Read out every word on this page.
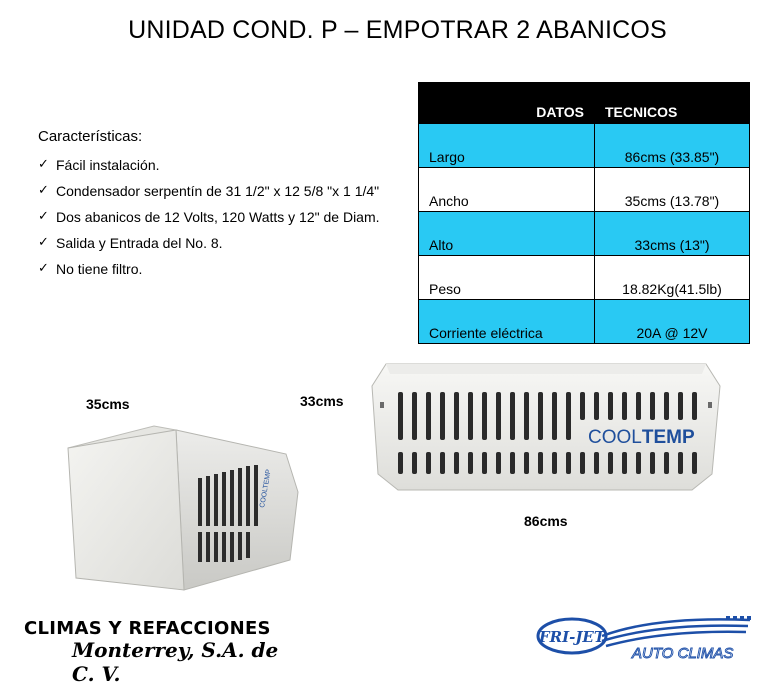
UNIDAD COND. P – EMPOTRAR 2 ABANICOS
Características:
✓ Fácil instalación.
✓ Condensador serpentín de 31 1/2" x 12 5/8 "x 1 1/4"
✓ Dos abanicos de 12 Volts, 120 Watts y 12" de Diam.
✓ Salida y Entrada del No. 8.
✓ No tiene filtro.
DATOS	TECNICOS
Largo	86cms (33.85")
Ancho	35cms (13.78")
Alto	33cms (13")
Peso	18.82Kg(41.5lb)
Corriente eléctrica	20A @ 12V
35cms	33cms
86cms
COOLTEMP
COOLTEMP
CLIMAS Y REFACCIONES
Monterrey, S.A. de C. V.
FRI-JET
AUTO CLIMAS
